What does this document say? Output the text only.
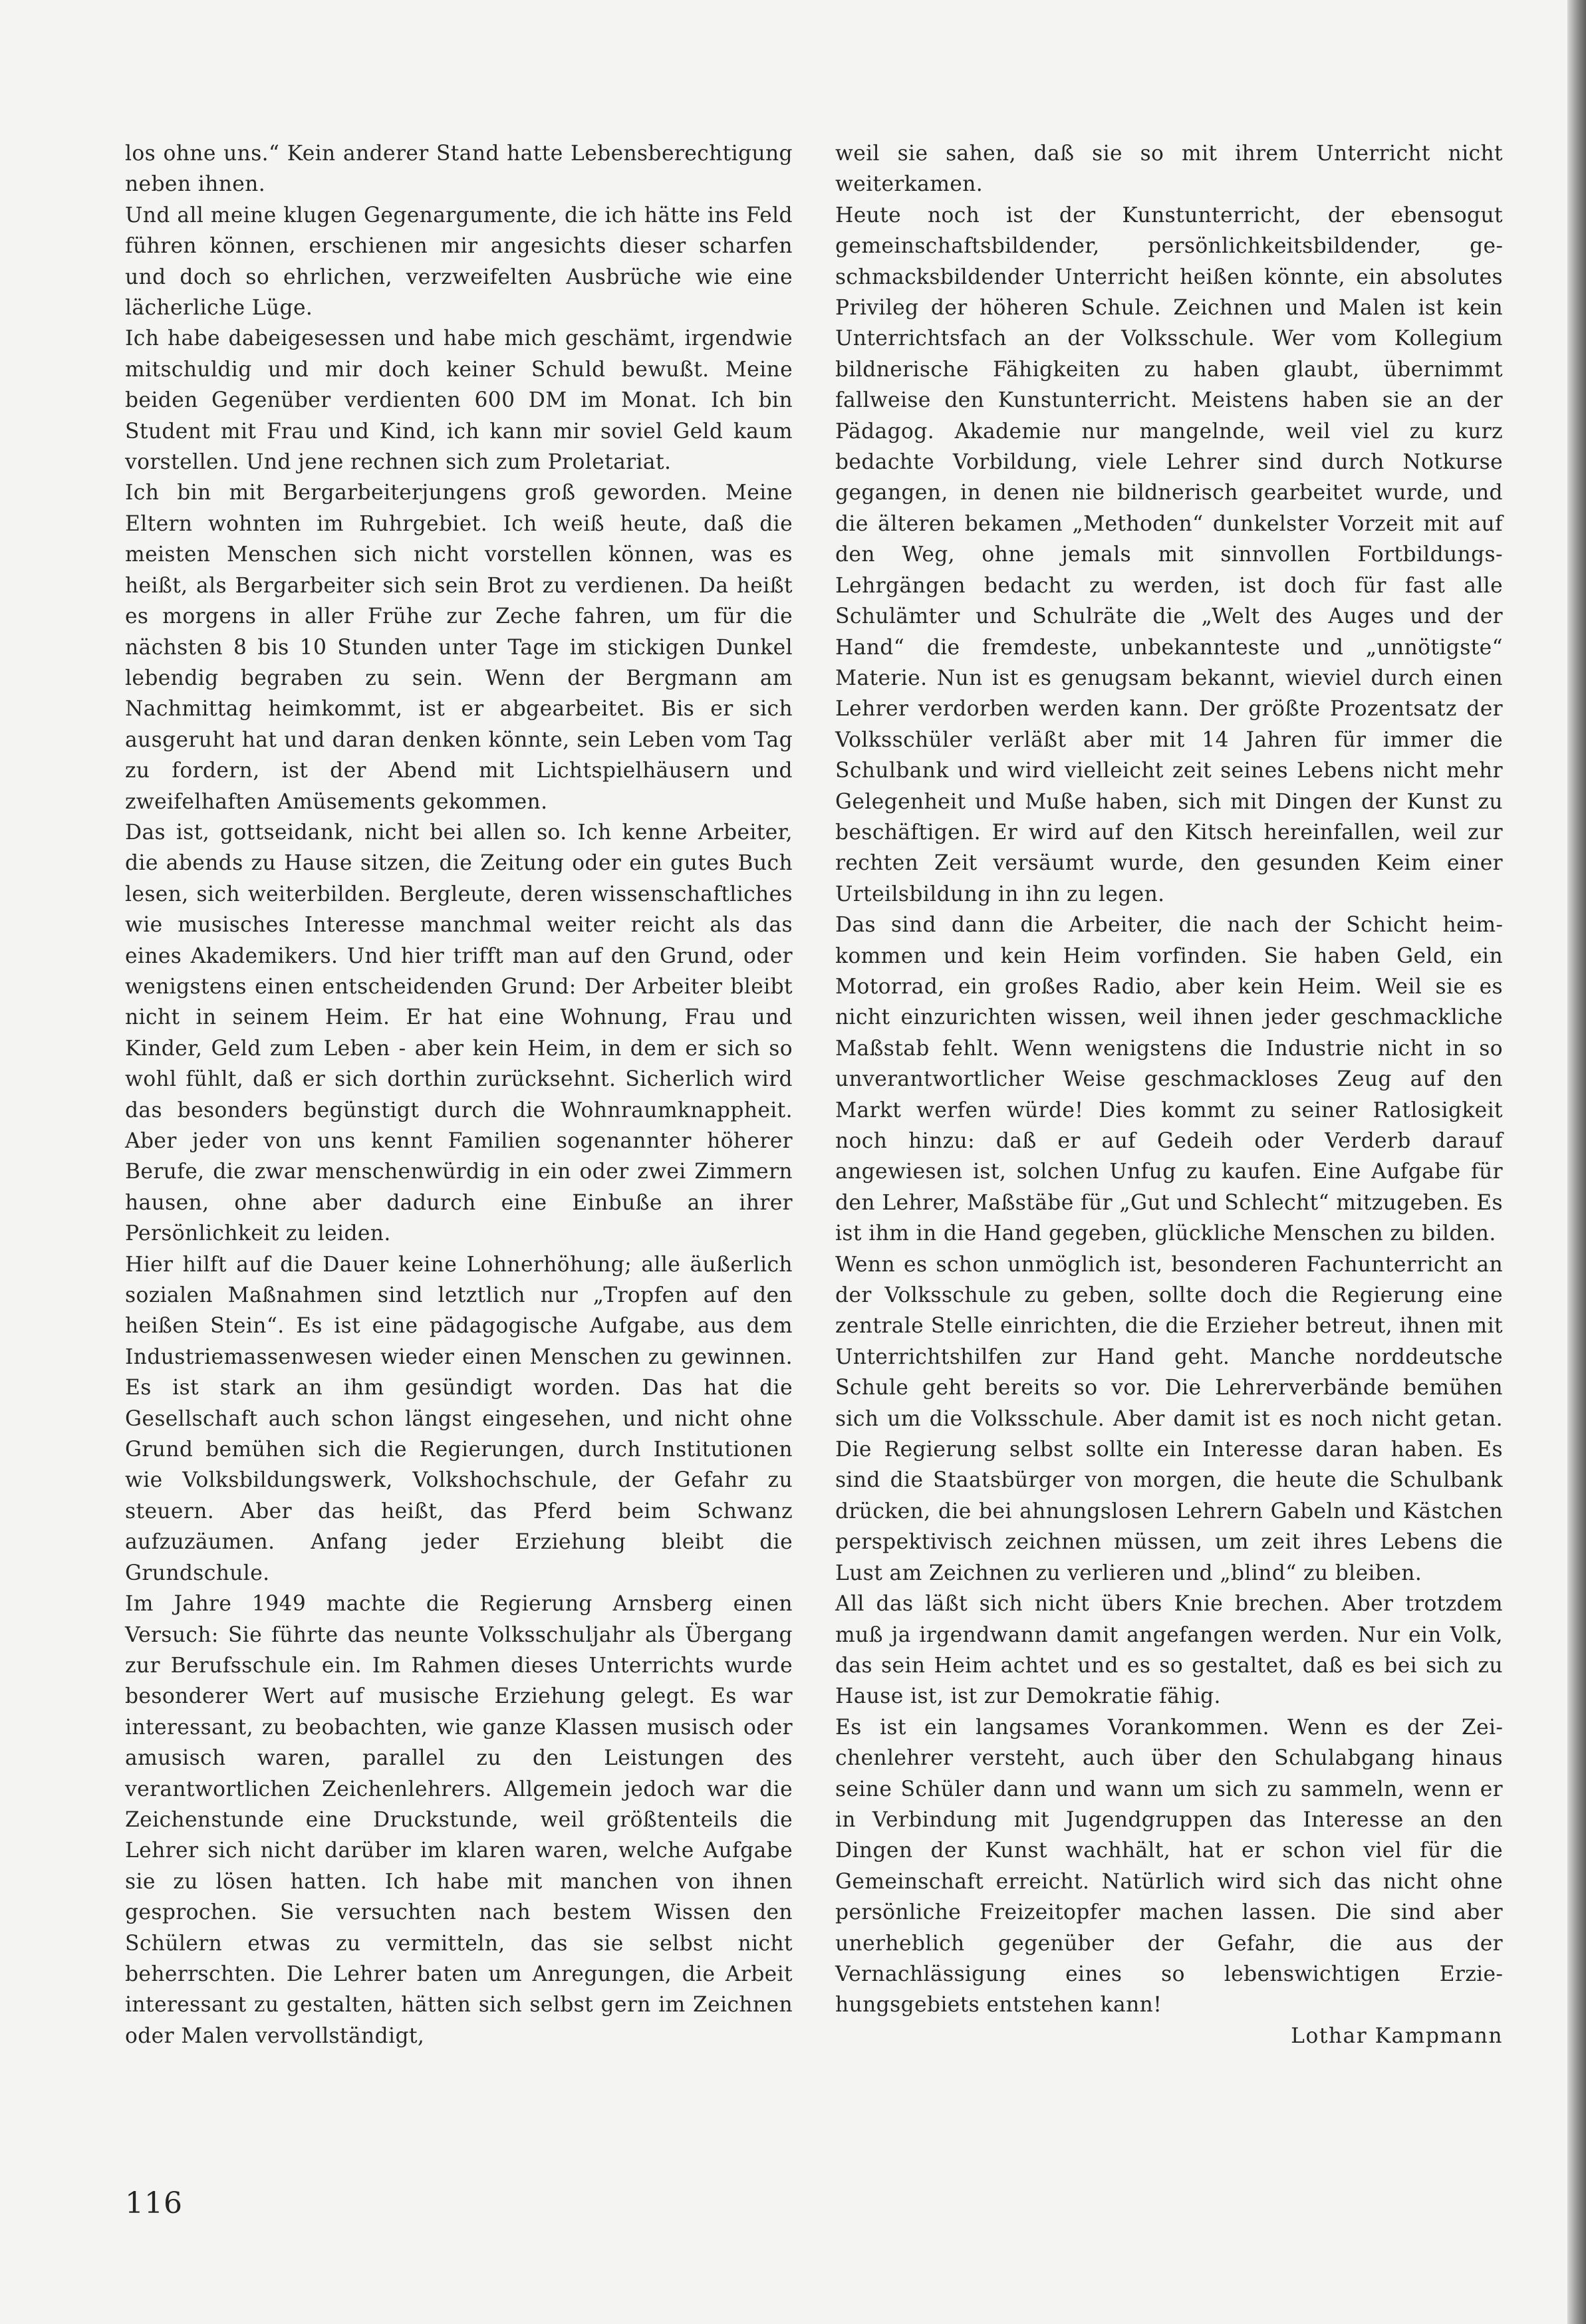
los ohne uns.“ Kein anderer Stand hatte Lebensberechtigung neben ihnen.

Und all meine klugen Gegenargumente, die ich hätte ins Feld führen können, erschienen mir angesichts dieser scharfen und doch so ehrlichen, verzweifelten Ausbrüche wie eine lächerliche Lüge.

Ich habe dabeigesessen und habe mich geschämt, irgendwie mitschuldig und mir doch keiner Schuld bewußt. Meine beiden Gegenüber verdienten 600 DM im Monat. Ich bin Student mit Frau und Kind, ich kann mir soviel Geld kaum vorstellen. Und jene rechnen sich zum Proletariat.

Ich bin mit Bergarbeiterjungens groß geworden. Meine Eltern wohnten im Ruhrgebiet. Ich weiß heute, daß die meisten Menschen sich nicht vorstellen können, was es heißt, als Bergarbeiter sich sein Brot zu verdienen. Da heißt es morgens in aller Frühe zur Zeche fahren, um für die nächsten 8 bis 10 Stunden unter Tage im stickigen Dunkel lebendig begraben zu sein. Wenn der Bergmann am Nachmittag heimkommt, ist er abgearbeitet. Bis er sich ausgeruht hat und daran denken könnte, sein Leben vom Tag zu fordern, ist der Abend mit Lichtspielhäusern und zweifelhaften Amüsements gekommen.

Das ist, gottseidank, nicht bei allen so. Ich kenne Arbeiter, die abends zu Hause sitzen, die Zeitung oder ein gutes Buch lesen, sich weiterbilden. Bergleute, deren wissenschaftliches wie musisches Interesse manchmal weiter reicht als das eines Akademikers. Und hier trifft man auf den Grund, oder wenigstens einen entscheidenden Grund: Der Arbeiter bleibt nicht in seinem Heim. Er hat eine Wohnung, Frau und Kinder, Geld zum Leben - aber kein Heim, in dem er sich so wohl fühlt, daß er sich dorthin zurücksehnt. Sicherlich wird das besonders begünstigt durch die Wohnraumknappheit. Aber jeder von uns kennt Familien sogenannter höherer Berufe, die zwar menschenwürdig in ein oder zwei Zimmern hausen, ohne aber dadurch eine Einbuße an ihrer Persönlichkeit zu leiden.

Hier hilft auf die Dauer keine Lohnerhöhung; alle äußerlich sozialen Maßnahmen sind letztlich nur „Tropfen auf den heißen Stein“. Es ist eine pädagogische Aufgabe, aus dem Industriemassenwesen wieder einen Menschen zu gewinnen. Es ist stark an ihm gesündigt worden. Das hat die Gesellschaft auch schon längst eingesehen, und nicht ohne Grund bemühen sich die Regierungen, durch Institutionen wie Volksbildungswerk, Volkshochschule, der Gefahr zu steuern. Aber das heißt, das Pferd beim Schwanz aufzuzäumen. Anfang jeder Erziehung bleibt die Grundschule.

Im Jahre 1949 machte die Regierung Arnsberg einen Versuch: Sie führte das neunte Volksschuljahr als Übergang zur Berufsschule ein. Im Rahmen dieses Unterrichts wurde besonderer Wert auf musische Erziehung gelegt. Es war interessant, zu beobachten, wie ganze Klassen musisch oder amusisch waren, parallel zu den Leistungen des verantwortlichen Zeichenlehrers. Allgemein jedoch war die Zeichenstunde eine Druckstunde, weil größtenteils die Lehrer sich nicht darüber im klaren waren, welche Aufgabe sie zu lösen hatten. Ich habe mit manchen von ihnen gesprochen. Sie versuchten nach bestem Wissen den Schülern etwas zu vermitteln, das sie selbst nicht beherrschten. Die Lehrer baten um Anregungen, die Arbeit interessant zu gestalten, hätten sich selbst gern im Zeichnen oder Malen vervollständigt,

weil sie sahen, daß sie so mit ihrem Unterricht nicht weiterkamen.

Heute noch ist der Kunstunterricht, der ebensogut gemeinschaftsbildender, persönlichkeitsbildender, geschmacksbildender Unterricht heißen könnte, ein absolutes Privileg der höheren Schule. Zeichnen und Malen ist kein Unterrichtsfach an der Volksschule. Wer vom Kollegium bildnerische Fähigkeiten zu haben glaubt, übernimmt fallweise den Kunstunterricht. Meistens haben sie an der Pädagog. Akademie nur mangelnde, weil viel zu kurz bedachte Vorbildung, viele Lehrer sind durch Notkurse gegangen, in denen nie bildnerisch gearbeitet wurde, und die älteren bekamen „Methoden“ dunkelster Vorzeit mit auf den Weg, ohne jemals mit sinnvollen Fortbildungs-Lehrgängen bedacht zu werden, ist doch für fast alle Schulämter und Schulräte die „Welt des Auges und der Hand“ die fremdeste, unbekannteste und „unnötigste“ Materie. Nun ist es genugsam bekannt, wieviel durch einen Lehrer verdorben werden kann. Der größte Prozentsatz der Volksschüler verläßt aber mit 14 Jahren für immer die Schulbank und wird vielleicht zeit seines Lebens nicht mehr Gelegenheit und Muße haben, sich mit Dingen der Kunst zu beschäftigen. Er wird auf den Kitsch hereinfallen, weil zur rechten Zeit versäumt wurde, den gesunden Keim einer Urteilsbildung in ihn zu legen.

Das sind dann die Arbeiter, die nach der Schicht heimkommen und kein Heim vorfinden. Sie haben Geld, ein Motorrad, ein großes Radio, aber kein Heim. Weil sie es nicht einzurichten wissen, weil ihnen jeder geschmackliche Maßstab fehlt. Wenn wenigstens die Industrie nicht in so unverantwortlicher Weise geschmackloses Zeug auf den Markt werfen würde! Dies kommt zu seiner Ratlosigkeit noch hinzu: daß er auf Gedeih oder Verderb darauf angewiesen ist, solchen Unfug zu kaufen. Eine Aufgabe für den Lehrer, Maßstäbe für „Gut und Schlecht“ mitzugeben. Es ist ihm in die Hand gegeben, glückliche Menschen zu bilden.

Wenn es schon unmöglich ist, besonderen Fachunterricht an der Volksschule zu geben, sollte doch die Regierung eine zentrale Stelle einrichten, die die Erzieher betreut, ihnen mit Unterrichtshilfen zur Hand geht. Manche norddeutsche Schule geht bereits so vor. Die Lehrerverbände bemühen sich um die Volksschule. Aber damit ist es noch nicht getan. Die Regierung selbst sollte ein Interesse daran haben. Es sind die Staatsbürger von morgen, die heute die Schulbank drücken, die bei ahnungslosen Lehrern Gabeln und Kästchen perspektivisch zeichnen müssen, um zeit ihres Lebens die Lust am Zeichnen zu verlieren und „blind“ zu bleiben.

All das läßt sich nicht übers Knie brechen. Aber trotzdem muß ja irgendwann damit angefangen werden. Nur ein Volk, das sein Heim achtet und es so gestaltet, daß es bei sich zu Hause ist, ist zur Demokratie fähig.

Es ist ein langsames Vorankommen. Wenn es der Zeichenlehrer versteht, auch über den Schulabgang hinaus seine Schüler dann und wann um sich zu sammeln, wenn er in Verbindung mit Jugendgruppen das Interesse an den Dingen der Kunst wachhält, hat er schon viel für die Gemeinschaft erreicht. Natürlich wird sich das nicht ohne persönliche Freizeitopfer machen lassen. Die sind aber unerheblich gegenüber der Gefahr, die aus der Vernachlässigung eines so lebenswichtigen Erziehungsgebiets entstehen kann!

Lothar Kampmann

116
